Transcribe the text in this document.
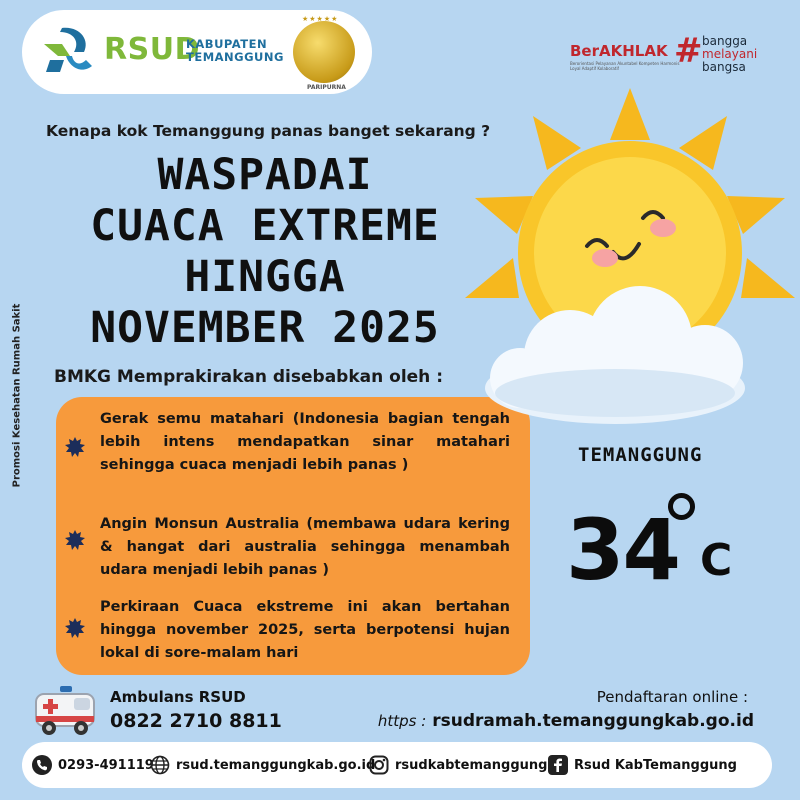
RSUD
KABUPATEN
TEMANGGUNG
★★★★★
PARIPURNA
BerAKHLAK
Berorientasi Pelayanan Akuntabel Kompeten Harmonis Loyal Adaptif Kolaboratif	# bangga
melayani
bangsa
Kenapa kok Temanggung panas banget sekarang ?
WASPADAI
CUACA EXTREME
HINGGA
NOVEMBER 2025
Promosi Kesehatan Rumah Sakit BMKG Memprakirakan disebabkan oleh :
Gerak semu matahari (Indonesia bagian tengah lebih intens mendapatkan sinar matahari sehingga cuaca menjadi lebih panas )
Angin Monsun Australia (membawa udara kering & hangat dari australia sehingga menambah udara menjadi lebih panas )
Perkiraan Cuaca ekstreme ini akan bertahan hingga november 2025, serta berpotensi hujan lokal di sore-malam hari
TEMANGGUNG
34 C
Ambulans RSUD
0822 2710 8811
Pendaftaran online :
https : rsudramah.temanggungkab.go.id
0293-491119 rsud.temanggungkab.go.id rsudkabtemanggung Rsud KabTemanggung
